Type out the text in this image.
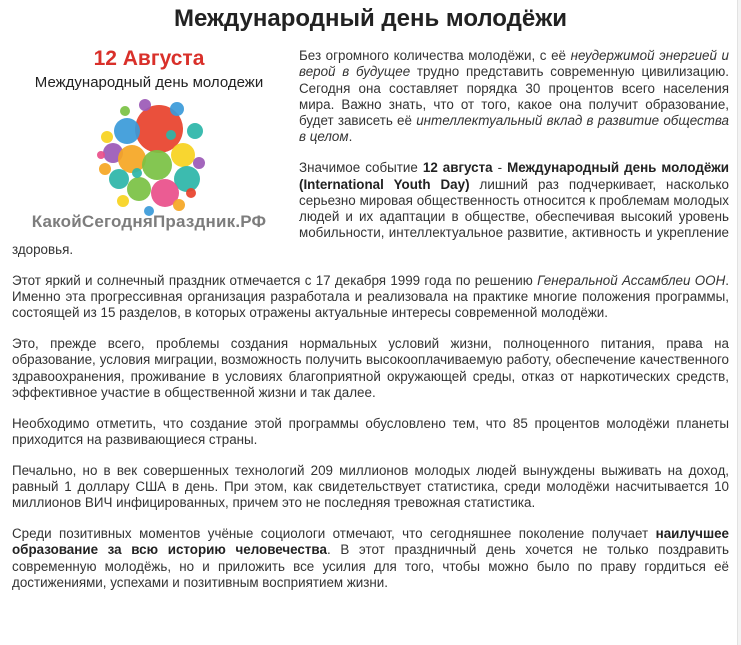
Международный день молодёжи
12 Августа
Международный день молодежи
КакойСегодняПраздник.РФ

Без огромного количества молодёжи, с её неудержимой энергией и верой в будущее трудно представить современную цивилизацию. Сегодня она составляет порядка 30 процентов всего населения мира. Важно знать, что от того, какое она получит образование, будет зависеть её интеллектуальный вклад в развитие общества в целом.

Значимое событие 12 августа - Международный день молодёжи (International Youth Day) лишний раз подчеркивает, насколько серьезно мировая общественность относится к проблемам молодых людей и их адаптации в обществе, обеспечивая высокий уровень мобильности, интеллектуальное развитие, активность и укрепление здоровья.

Этот яркий и солнечный праздник отмечается с 17 декабря 1999 года по решению Генеральной Ассамблеи ООН. Именно эта прогрессивная организация разработала и реализовала на практике многие положения программы, состоящей из 15 разделов, в которых отражены актуальные интересы современной молодёжи.

Это, прежде всего, проблемы создания нормальных условий жизни, полноценного питания, права на образование, условия миграции, возможность получить высокооплачиваемую работу, обеспечение качественного здравоохранения, проживание в условиях благоприятной окружающей среды, отказ от наркотических средств, эффективное участие в общественной жизни и так далее.

Необходимо отметить, что создание этой программы обусловлено тем, что 85 процентов молодёжи планеты приходится на развивающиеся страны.

Печально, но в век совершенных технологий 209 миллионов молодых людей вынуждены выживать на доход, равный 1 доллару США в день. При этом, как свидетельствует статистика, среди молодёжи насчитывается 10 миллионов ВИЧ инфицированных, причем это не последняя тревожная статистика.

Среди позитивных моментов учёные социологи отмечают, что сегодняшнее поколение получает наилучшее образование за всю историю человечества. В этот праздничный день хочется не только поздравить современную молодёжь, но и приложить все усилия для того, чтобы можно было по праву гордиться её достижениями, успехами и позитивным восприятием жизни.
